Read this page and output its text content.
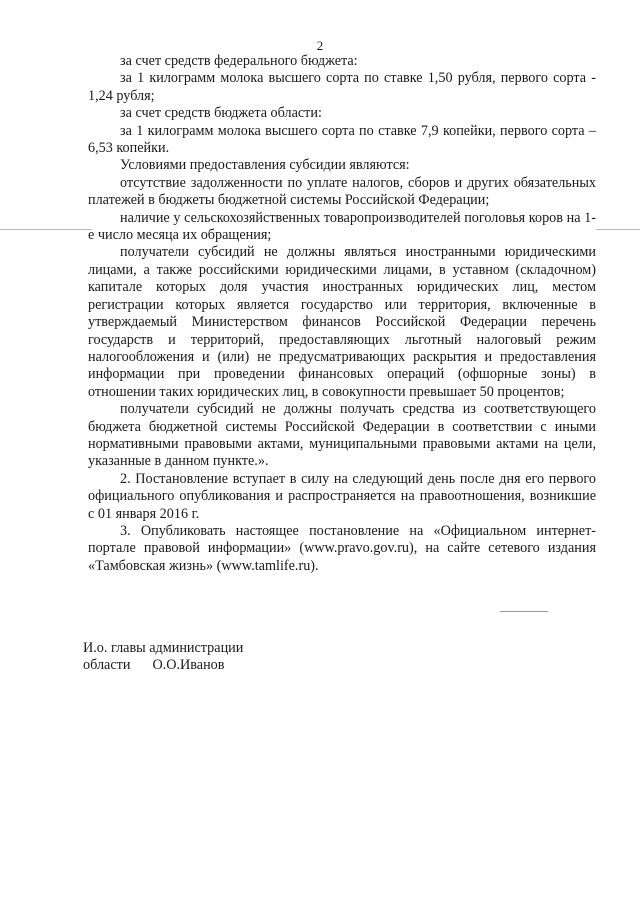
2

за счет средств федерального бюджета:

за 1 килограмм молока высшего сорта по ставке 1,50 рубля, первого сорта - 1,24 рубля;

за счет средств бюджета области:

за 1 килограмм молока высшего сорта по ставке 7,9 копейки, первого сорта – 6,53 копейки.

Условиями предоставления субсидии являются:

отсутствие задолженности по уплате налогов, сборов и других обязательных платежей в бюджеты бюджетной системы Российской Федерации;

наличие у сельскохозяйственных товаропроизводителей поголовья коров на 1-е число месяца их обращения;

получатели субсидий не должны являться иностранными юридическими лицами, а также российскими юридическими лицами, в уставном (складочном) капитале которых доля участия иностранных юридических лиц, местом регистрации которых является государство или территория, включенные в утверждаемый Министерством финансов Российской Федерации перечень государств и территорий, предоставляющих льготный налоговый режим налогообложения и (или) не предусматривающих раскрытия и предоставления информации при проведении финансовых операций (офшорные зоны) в отношении таких юридических лиц, в совокупности превышает 50 процентов;

получатели субсидий не должны получать средства из соответствующего бюджета бюджетной системы Российской Федерации в соответствии с иными нормативными правовыми актами, муниципальными правовыми актами на цели, указанные в данном пункте.».

2. Постановление вступает в силу на следующий день после дня его первого официального опубликования и распространяется на правоотношения, возникшие с 01 января 2016 г.

3. Опубликовать настоящее постановление на «Официальном интернет-портале правовой информации» (www.pravo.gov.ru), на сайте сетевого издания «Тамбовская жизнь» (www.tamlife.ru).

И.о. главы администрации
области О.О.Иванов
